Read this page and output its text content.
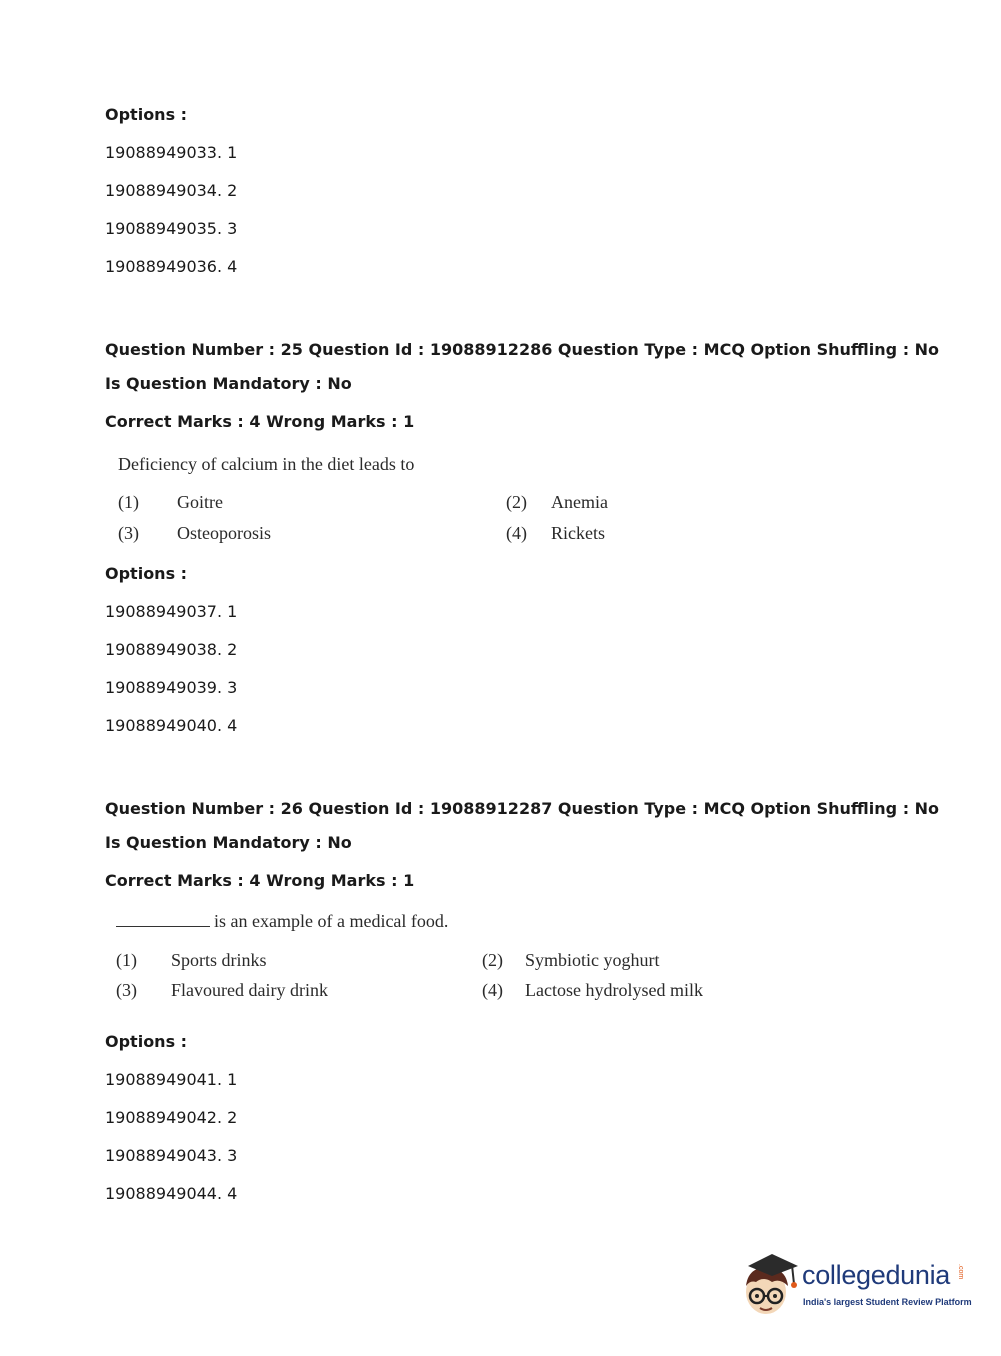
Options :
19088949033. 1
19088949034. 2
19088949035. 3
19088949036. 4
Question Number : 25 Question Id : 19088912286 Question Type : MCQ Option Shuffling : No
Is Question Mandatory : No
Correct Marks : 4 Wrong Marks : 1
Deficiency of calcium in the diet leads to
(1) Goitre	(2) Anemia
(3) Osteoporosis	(4) Rickets
Options :
19088949037. 1
19088949038. 2
19088949039. 3
19088949040. 4
Question Number : 26 Question Id : 19088912287 Question Type : MCQ Option Shuffling : No
Is Question Mandatory : No
Correct Marks : 4 Wrong Marks : 1
is an example of a medical food.
(1) Sports drinks	(2) Symbiotic yoghurt
(3) Flavoured dairy drink	(4) Lactose hydrolysed milk
Options :
19088949041. 1
19088949042. 2
19088949043. 3
19088949044. 4
collegedunia .com
India's largest Student Review Platform
